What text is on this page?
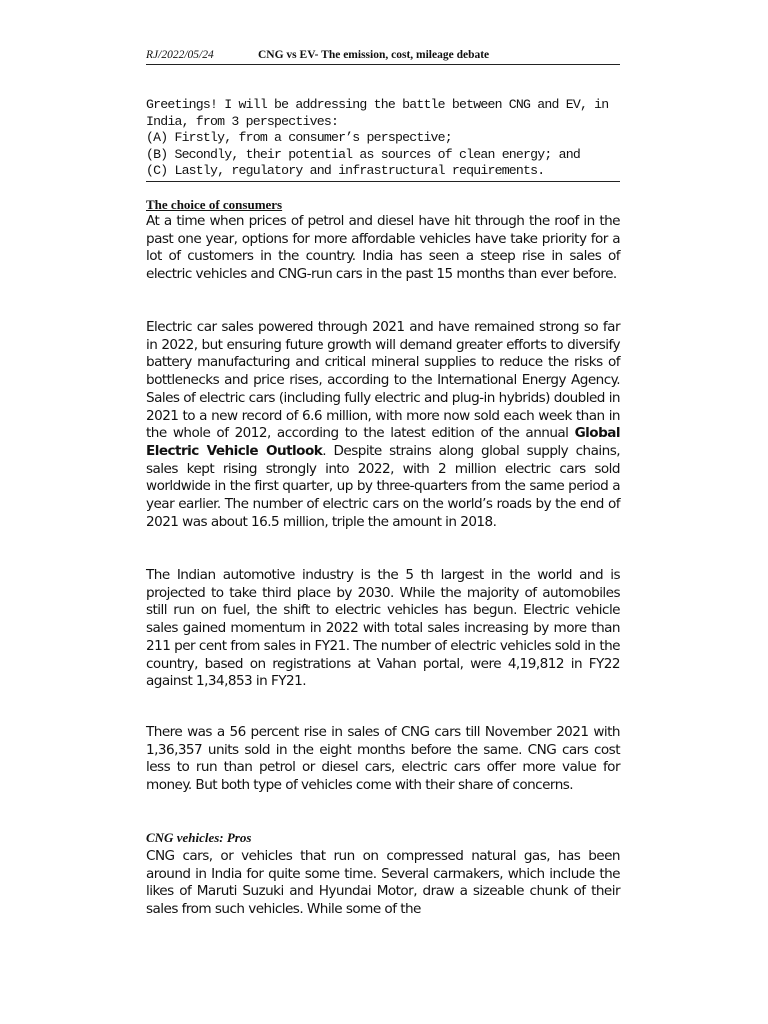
RJ/2022/05/24	CNG vs EV- The emission, cost, mileage debate

Greetings! I will be addressing the battle between CNG and EV, in India, from 3 perspectives:

(A) Firstly, from a consumer’s perspective;

(B) Secondly, their potential as sources of clean energy; and

(C) Lastly, regulatory and infrastructural requirements.

The choice of consumers

At a time when prices of petrol and diesel have hit through the roof in the past one year, options for more affordable vehicles have take priority for a lot of customers in the country. India has seen a steep rise in sales of electric vehicles and CNG-run cars in the past 15 months than ever before.

Electric car sales powered through 2021 and have remained strong so far in 2022, but ensuring future growth will demand greater efforts to diversify battery manufacturing and critical mineral supplies to reduce the risks of bottlenecks and price rises, according to the International Energy Agency. Sales of electric cars (including fully electric and plug-in hybrids) doubled in 2021 to a new record of 6.6 million, with more now sold each week than in the whole of 2012, according to the latest edition of the annual Global Electric Vehicle Outlook. Despite strains along global supply chains, sales kept rising strongly into 2022, with 2 million electric cars sold worldwide in the first quarter, up by three-quarters from the same period a year earlier. The number of electric cars on the world’s roads by the end of 2021 was about 16.5 million, triple the amount in 2018.

The Indian automotive industry is the 5 th largest in the world and is projected to take third place by 2030. While the majority of automobiles still run on fuel, the shift to electric vehicles has begun. Electric vehicle sales gained momentum in 2022 with total sales increasing by more than 211 per cent from sales in FY21. The number of electric vehicles sold in the country, based on registrations at Vahan portal, were 4,19,812 in FY22 against 1,34,853 in FY21.

There was a 56 percent rise in sales of CNG cars till November 2021 with 1,36,357 units sold in the eight months before the same. CNG cars cost less to run than petrol or diesel cars, electric cars offer more value for money. But both type of vehicles come with their share of concerns.

CNG vehicles: Pros

CNG cars, or vehicles that run on compressed natural gas, has been around in India for quite some time. Several carmakers, which include the likes of Maruti Suzuki and Hyundai Motor, draw a sizeable chunk of their sales from such vehicles. While some of the
